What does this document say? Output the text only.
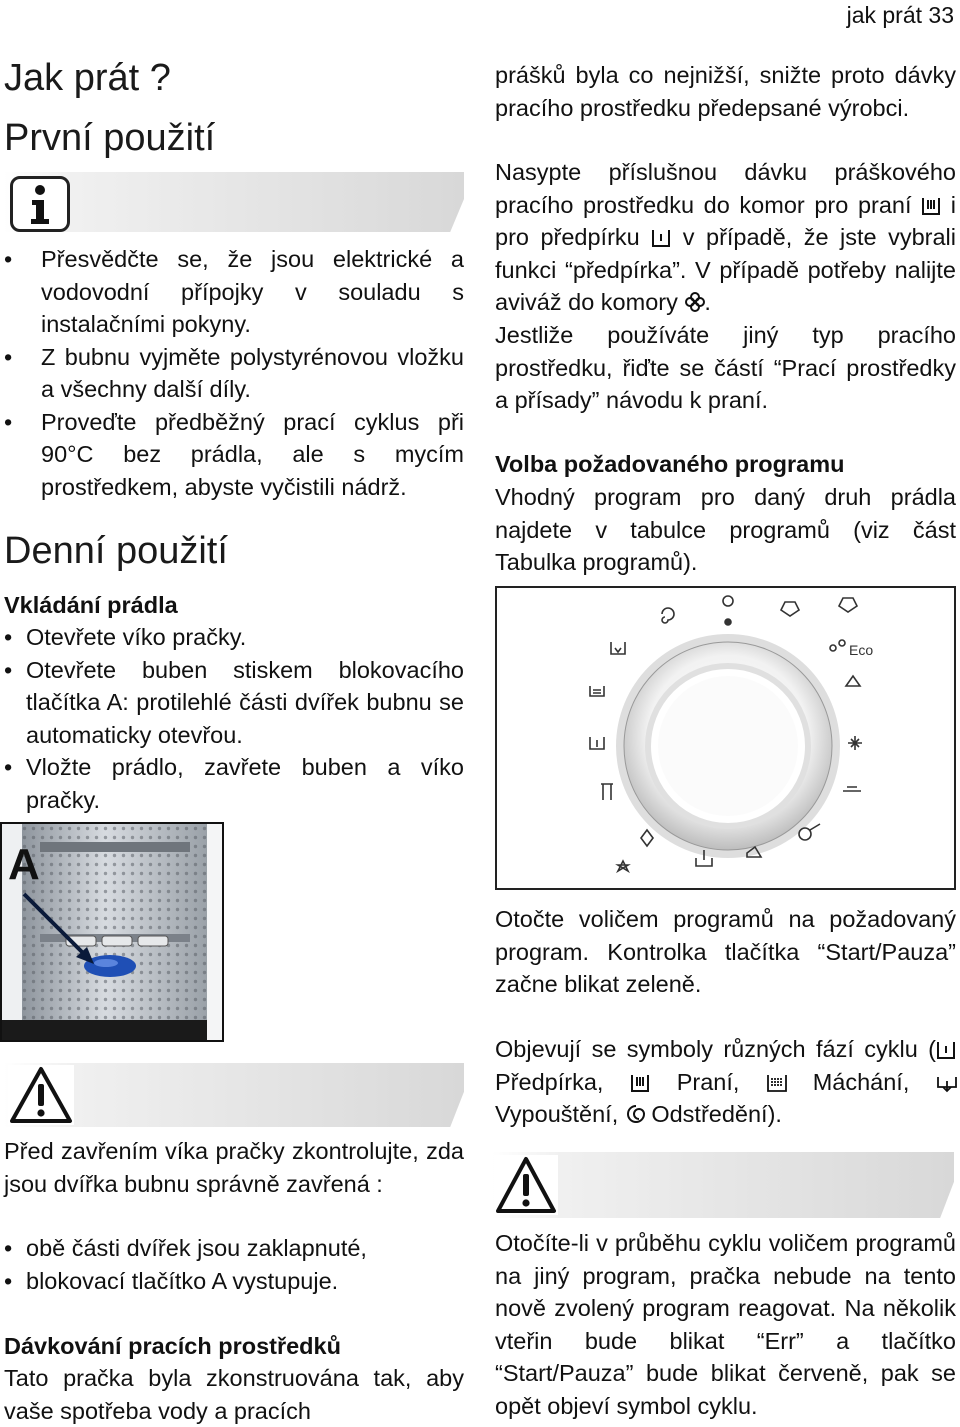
jak prát 33
Jak prát ?
První použití
• Přesvědčte se, že jsou elektrické a vodovodní přípojky v souladu s instalačními pokyny.
• Z bubnu vyjměte polystyrénovou vložku a všechny další díly.
• Proveďte předběžný prací cyklus při 90°C bez prádla, ale s mycím prostředkem, abyste vyčistili nádrž.
Denní použití

Vkládání prádla

• Otevřete víko pračky.
• Otevřete buben stiskem blokovacího tlačítka A: protilehlé části dvířek bubnu se automaticky otevřou.
• Vložte prádlo, zavřete buben a víko pračky.
A

Před zavřením víka pračky zkontrolujte, zda jsou dvířka bubnu správně zavřená :

• obě části dvířek jsou zaklapnuté,
• blokovací tlačítko A vystupuje.

Dávkování pracích prostředků

Tato pračka byla zkonstruována tak, aby vaše spotřeba vody a pracích

prášků byla co nejnižší, snižte proto dávky pracího prostředku předepsané výrobci.

Nasypte příslušnou dávku práškového pracího prostředku do komor pro praní i pro předpírku v případě, že jste vybrali funkci “předpírka”. V případě potřeby nalijte aviváž do komory .

Jestliže používáte jiný typ pracího prostředku, řiďte se částí “Prací prostředky a přísady” návodu k praní.

Volba požadovaného programu

Vhodný program pro daný druh prádla najdete v tabulce programů (viz část Tabulka programů).

Eco

Otočte voličem programů na požadovaný program. Kontrolka tlačítka “Start/Pauza” začne blikat zeleně.

Objevují se symboly různých fází cyklu ( Předpírka,	Praní,	Máchání,  Vypouštění, Odstředění).

Otočíte-li v průběhu cyklu voličem programů na jiný program, pračka nebude na tento nově zvolený program reagovat. Na několik vteřin bude blikat “Err” a tlačítko “Start/Pauza” bude blikat červeně, pak se opět objeví symbol cyklu.
